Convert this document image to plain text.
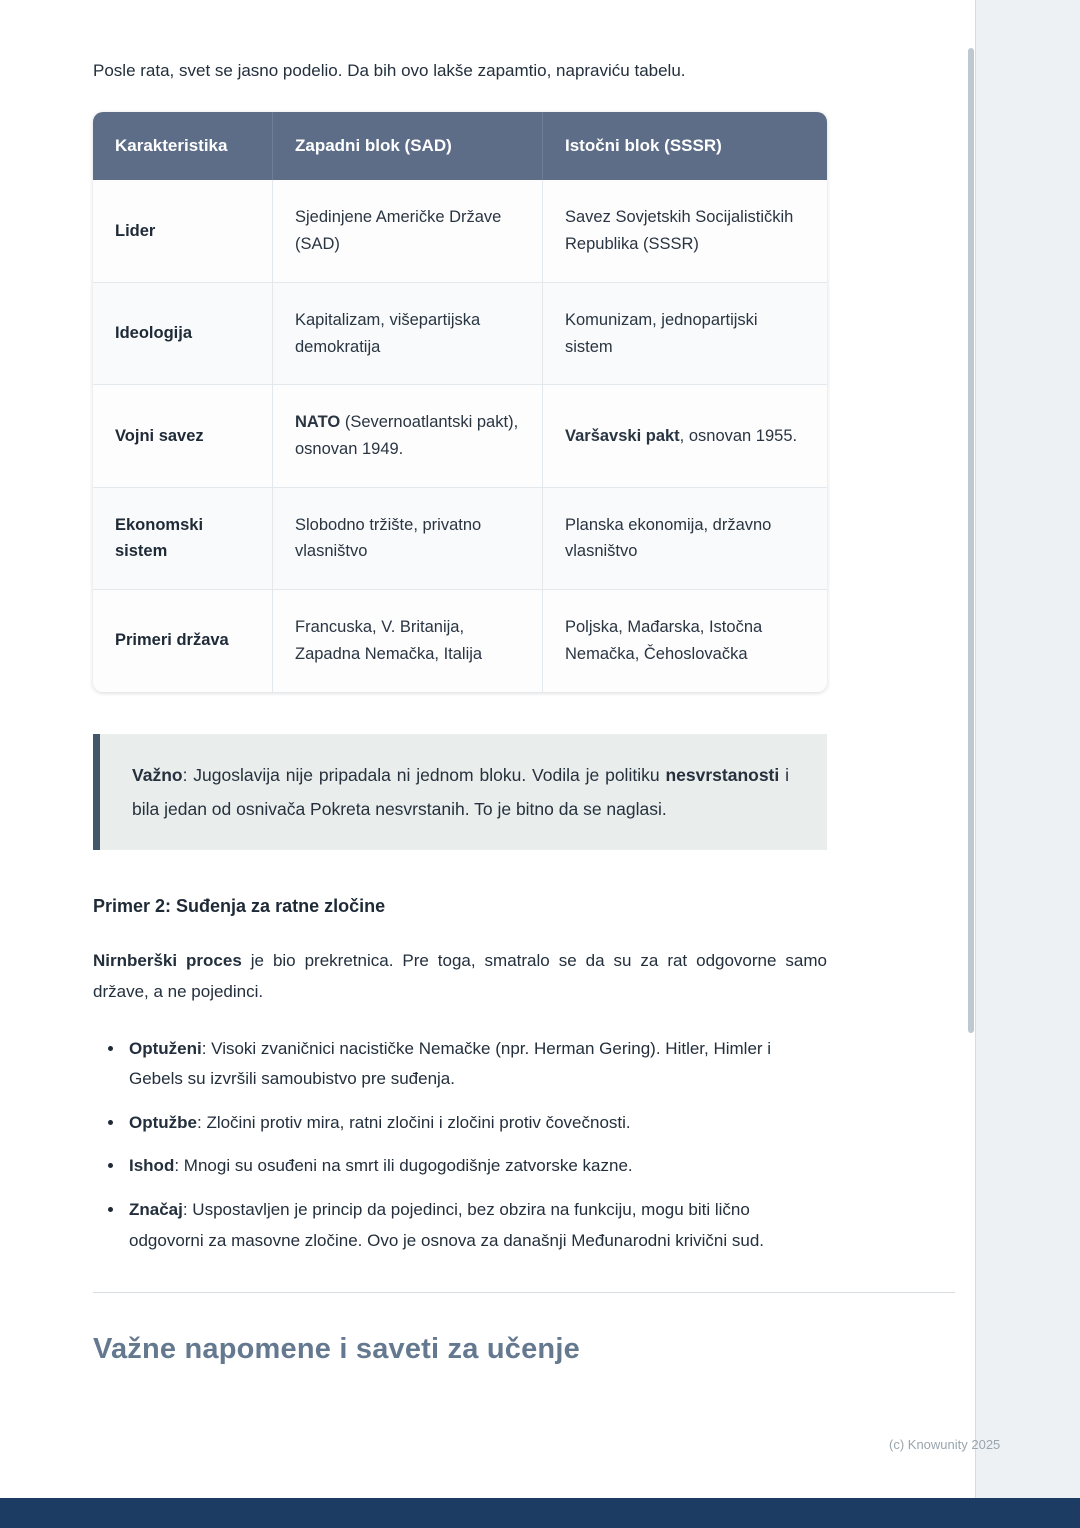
Posle rata, svet se jasno podelio. Da bih ovo lakše zapamtio, napraviću tabelu.

Karakteristika	Zapadni blok (SAD)	Istočni blok (SSSR)
Lider	Sjedinjene Američke Države (SAD)	Savez Sovjetskih Socijalističkih Republika (SSSR)
Ideologija	Kapitalizam, višepartijska demokratija	Komunizam, jednopartijski sistem
Vojni savez	NATO (Severnoatlantski pakt), osnovan 1949.	Varšavski pakt, osnovan 1955.
Ekonomski sistem	Slobodno tržište, privatno vlasništvo	Planska ekonomija, državno vlasništvo
Primeri država	Francuska, V. Britanija, Zapadna Nemačka, Italija	Poljska, Mađarska, Istočna Nemačka, Čehoslovačka
Važno: Jugoslavija nije pripadala ni jednom bloku. Vodila je politiku nesvrstanosti i bila jedan od osnivača Pokreta nesvrstanih. To je bitno da se naglasi.
Primer 2: Suđenja za ratne zločine

Nirnberški proces je bio prekretnica. Pre toga, smatralo se da su za rat odgovorne samo države, a ne pojedinci.

• Optuženi: Visoki zvaničnici nacističke Nemačke (npr. Herman Gering). Hitler, Himler i Gebels su izvršili samoubistvo pre suđenja.
• Optužbe: Zločini protiv mira, ratni zločini i zločini protiv čovečnosti.
• Ishod: Mnogi su osuđeni na smrt ili dugogodišnje zatvorske kazne.
• Značaj: Uspostavljen je princip da pojedinci, bez obzira na funkciju, mogu biti lično odgovorni za masovne zločine. Ovo je osnova za današnji Međunarodni krivični sud.
Važne napomene i saveti za učenje
(c) Knowunity 2025
